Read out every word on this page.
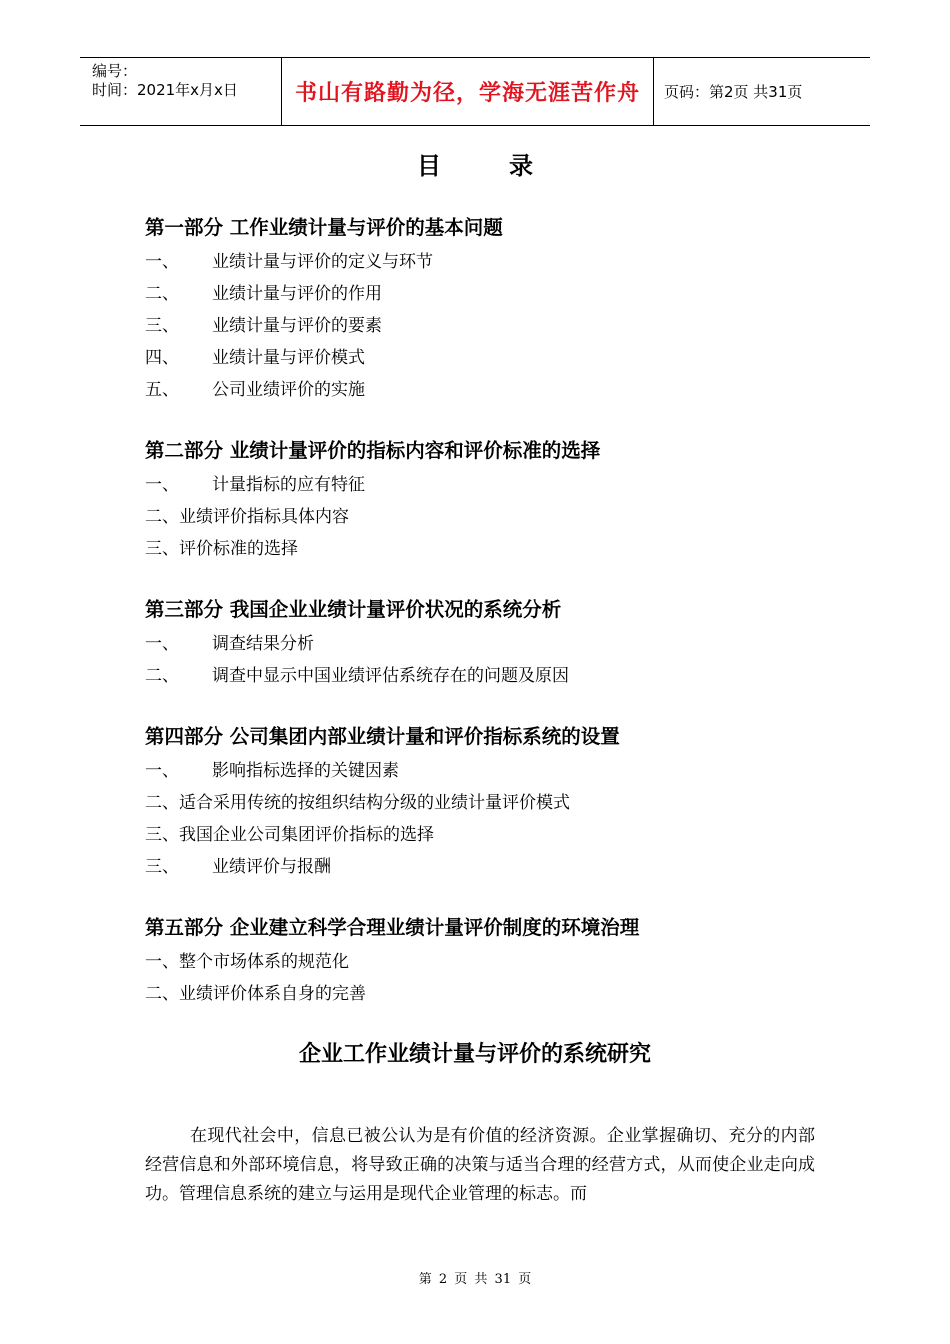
编号：
时间：2021年x月x日	书山有路勤为径，学海无涯苦作舟	页码：第2页 共31页
目录
第一部分 工作业绩计量与评价的基本问题
一、 业绩计量与评价的定义与环节
二、 业绩计量与评价的作用
三、 业绩计量与评价的要素
四、 业绩计量与评价模式
五、 公司业绩评价的实施
第二部分 业绩计量评价的指标内容和评价标准的选择
一、 计量指标的应有特征
二、业绩评价指标具体内容
三、评价标准的选择
第三部分 我国企业业绩计量评价状况的系统分析
一、 调查结果分析
二、 调查中显示中国业绩评估系统存在的问题及原因
第四部分 公司集团内部业绩计量和评价指标系统的设置
一、 影响指标选择的关键因素
二、适合采用传统的按组织结构分级的业绩计量评价模式
三、我国企业公司集团评价指标的选择
三、 业绩评价与报酬
第五部分 企业建立科学合理业绩计量评价制度的环境治理
一、整个市场体系的规范化
二、业绩评价体系自身的完善
企业工作业绩计量与评价的系统研究
在现代社会中，信息已被公认为是有价值的经济资源。企业掌握确切、充分的内部经营信息和外部环境信息，将导致正确的决策与适当合理的经营方式，从而使企业走向成功。管理信息系统的建立与运用是现代企业管理的标志。而
第 2 页 共 31 页
